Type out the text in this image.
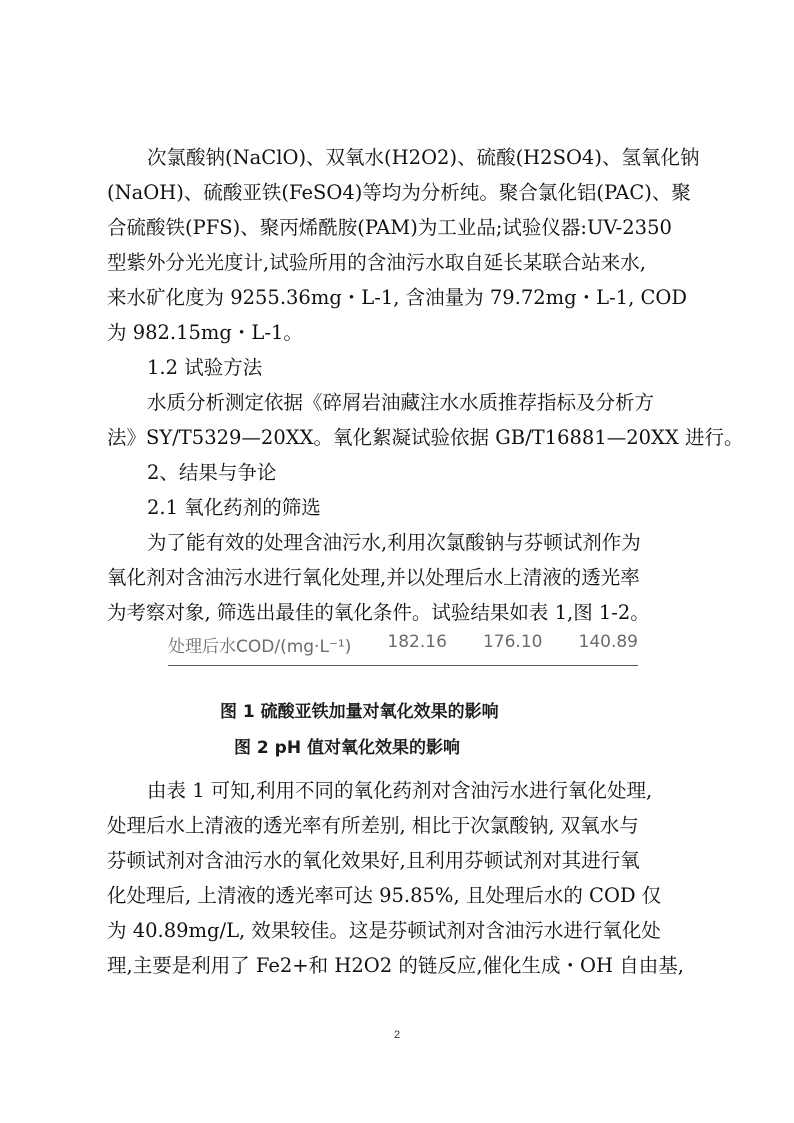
次氯酸钠(NaClO)、双氧水(H2O2)、硫酸(H2SO4)、氢氧化钠
(NaOH)、硫酸亚铁(FeSO4)等均为分析纯。聚合氯化铝(PAC)、聚
合硫酸铁(PFS)、聚丙烯酰胺(PAM)为工业品;试验仪器:UV-2350
型紫外分光光度计,试验所用的含油污水取自延长某联合站来水,
来水矿化度为 9255.36mg・L-1, 含油量为 79.72mg・L-1, COD
为 982.15mg・L-1。
1.2 试验方法
水质分析测定依据《碎屑岩油藏注水水质推荐指标及分析方
法》SY/T5329—20XX。氧化絮凝试验依据 GB/T16881—20XX 进行。
2、结果与争论
2.1 氧化药剂的筛选
为了能有效的处理含油污水,利用次氯酸钠与芬顿试剂作为
氧化剂对含油污水进行氧化处理,并以处理后水上清液的透光率
为考察对象, 筛选出最佳的氧化条件。试验结果如表 1,图 1-2。
处理后水COD/(mg·L⁻¹) 182.16 176.10 140.89
图 1 硫酸亚铁加量对氧化效果的影响
图 2 pH 值对氧化效果的影响
由表 1 可知,利用不同的氧化药剂对含油污水进行氧化处理,
处理后水上清液的透光率有所差别, 相比于次氯酸钠, 双氧水与
芬顿试剂对含油污水的氧化效果好,且利用芬顿试剂对其进行氧
化处理后, 上清液的透光率可达 95.85%, 且处理后水的 COD 仅
为 40.89mg/L, 效果较佳。这是芬顿试剂对含油污水进行氧化处
理,主要是利用了 Fe2+和 H2O2 的链反应,催化生成・OH 自由基,
2
